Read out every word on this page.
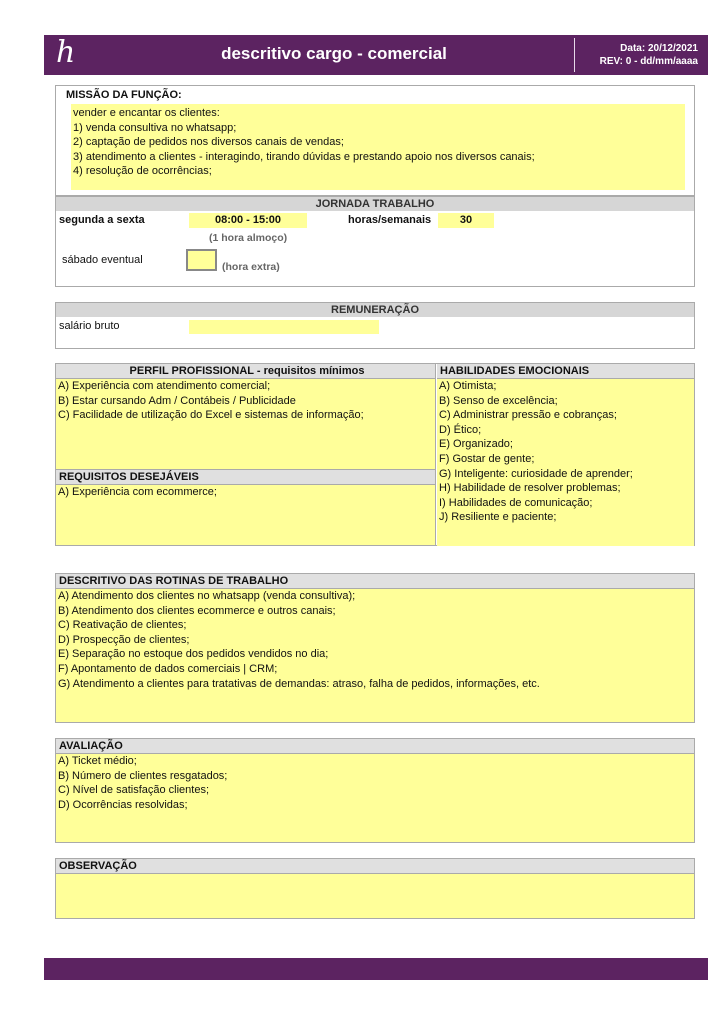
h	descritivo cargo - comercial	Data: 20/12/2021
REV: 0 - dd/mm/aaaa
MISSÃO DA FUNÇÃO:
vender e encantar os clientes:
1) venda consultiva no whatsapp;
2) captação de pedidos nos diversos canais de vendas;
3) atendimento a clientes - interagindo, tirando dúvidas e prestando apoio nos diversos canais;
4) resolução de ocorrências;
JORNADA TRABALHO
segunda a sexta	08:00 - 15:00	horas/semanais	30
(1 hora almoço)
sábado eventual
(hora extra)
REMUNERAÇÃO
salário bruto
PERFIL PROFISSIONAL - requisitos mínimos
A) Experiência com atendimento comercial;
B) Estar cursando Adm / Contábeis / Publicidade
C) Facilidade de utilização do Excel e sistemas de informação;
REQUISITOS DESEJÁVEIS
A) Experiência com ecommerce;
HABILIDADES EMOCIONAIS
A) Otimista;
B) Senso de excelência;
C) Administrar pressão e cobranças;
D) Ético;
E) Organizado;
F) Gostar de gente;
G) Inteligente: curiosidade de aprender;
H) Habilidade de resolver problemas;
I) Habilidades de comunicação;
J) Resiliente e paciente;
DESCRITIVO DAS ROTINAS DE TRABALHO
A) Atendimento dos clientes no whatsapp (venda consultiva);
B) Atendimento dos clientes ecommerce e outros canais;
C) Reativação de clientes;
D) Prospecção de clientes;
E) Separação no estoque dos pedidos vendidos no dia;
F) Apontamento de dados comerciais | CRM;
G) Atendimento a clientes para tratativas de demandas: atraso, falha de pedidos, informações, etc.
AVALIAÇÃO
A) Ticket médio;
B) Número de clientes resgatados;
C) Nível de satisfação clientes;
D) Ocorrências resolvidas;
OBSERVAÇÃO
